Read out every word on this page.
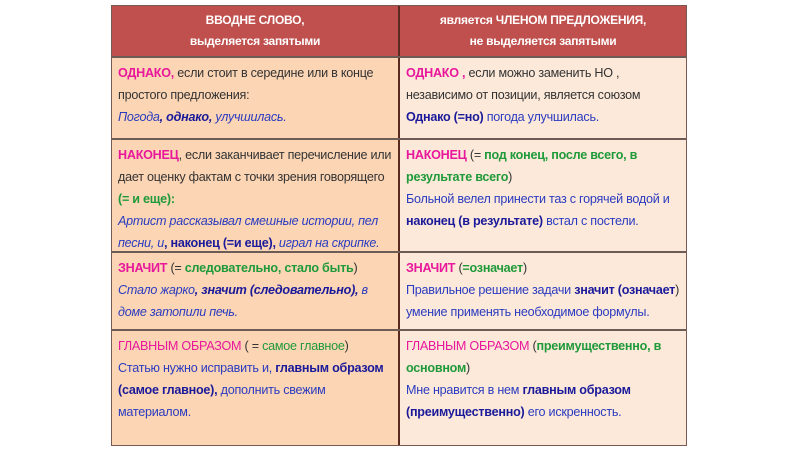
ВВОДНЕ СЛОВО,
выделяется запятыми
является ЧЛЕНОМ ПРЕДЛОЖЕНИЯ,
не выделяется запятыми
ОДНАКО, если стоит в середине или в конце простого предложения:
Погода, однако, улучшилась.
ОДНАКО , если можно заменить НО , независимо от позиции, является союзом
Однако (=но) погода улучшилась.
НАКОНЕЦ, если заканчивает перечисление или дает оценку фактам с точки зрения говорящего
(= и еще):
Артист рассказывал смешные истории, пел песни, и, наконец (=и еще), играл на скрипке.
НАКОНЕЦ (= под конец, после всего, в результате всего)
Больной велел принести таз с горячей водой и
наконец (в результате) встал с постели.
ЗНАЧИТ (= следовательно, стало быть)
Стало жарко, значит (следовательно), в доме затопили печь.
ЗНАЧИТ (=означает)
Правильное решение задачи значит (означает) умение применять необходимое формулы.
ГЛАВНЫМ ОБРАЗОМ ( = самое главное)
Статью нужно исправить и, главным образом (самое главное), дополнить свежим материалом.
ГЛАВНЫМ ОБРАЗОМ (преимущественно, в основном)
Мне нравится в нем главным образом (преимущественно) его искренность.
